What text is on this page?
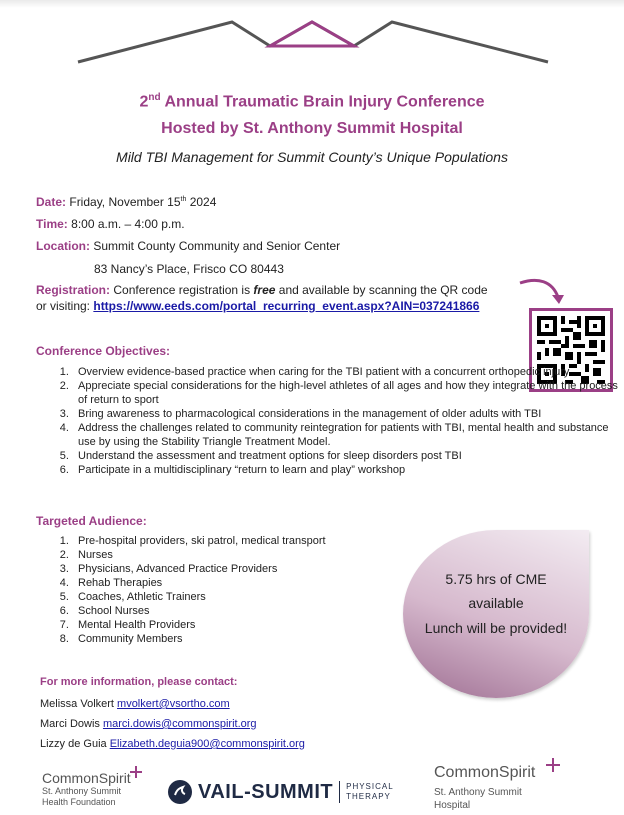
2nd Annual Traumatic Brain Injury Conference
Hosted by St. Anthony Summit Hospital
Mild TBI Management for Summit County’s Unique Populations
Date: Friday, November 15th 2024
Time: 8:00 a.m. – 4:00 p.m.
Location: Summit County Community and Senior Center
83 Nancy’s Place, Frisco CO 80443
Registration: Conference registration is free and available by scanning the QR code
or visiting: https://www.eeds.com/portal_recurring_event.aspx?AIN=037241866
Conference Objectives:
1. Overview evidence-based practice when caring for the TBI patient with a concurrent orthopedic injury
2. Appreciate special considerations for the high-level athletes of all ages and how they integrate with the process of return to sport
3. Bring awareness to pharmacological considerations in the management of older adults with TBI
4. Address the challenges related to community reintegration for patients with TBI, mental health and substance use by using the Stability Triangle Treatment Model.
5. Understand the assessment and treatment options for sleep disorders post TBI
6. Participate in a multidisciplinary “return to learn and play” workshop
Targeted Audience:
1. Pre-hospital providers, ski patrol, medical transport
2. Nurses
3. Physicians, Advanced Practice Providers
4. Rehab Therapies
5. Coaches, Athletic Trainers
6. School Nurses
7. Mental Health Providers
8. Community Members
5.75 hrs of CME
available
Lunch will be provided!
For more information, please contact:
Melissa Volkert mvolkert@vsortho.com
Marci Dowis marci.dowis@commonspirit.org
Lizzy de Guia Elizabeth.deguia900@commonspirit.org
CommonSpirit
St. Anthony Summit
Health Foundation	VAIL-SUMMIT PHYSICAL
THERAPY
CommonSpirit
St. Anthony Summit
Hospital
